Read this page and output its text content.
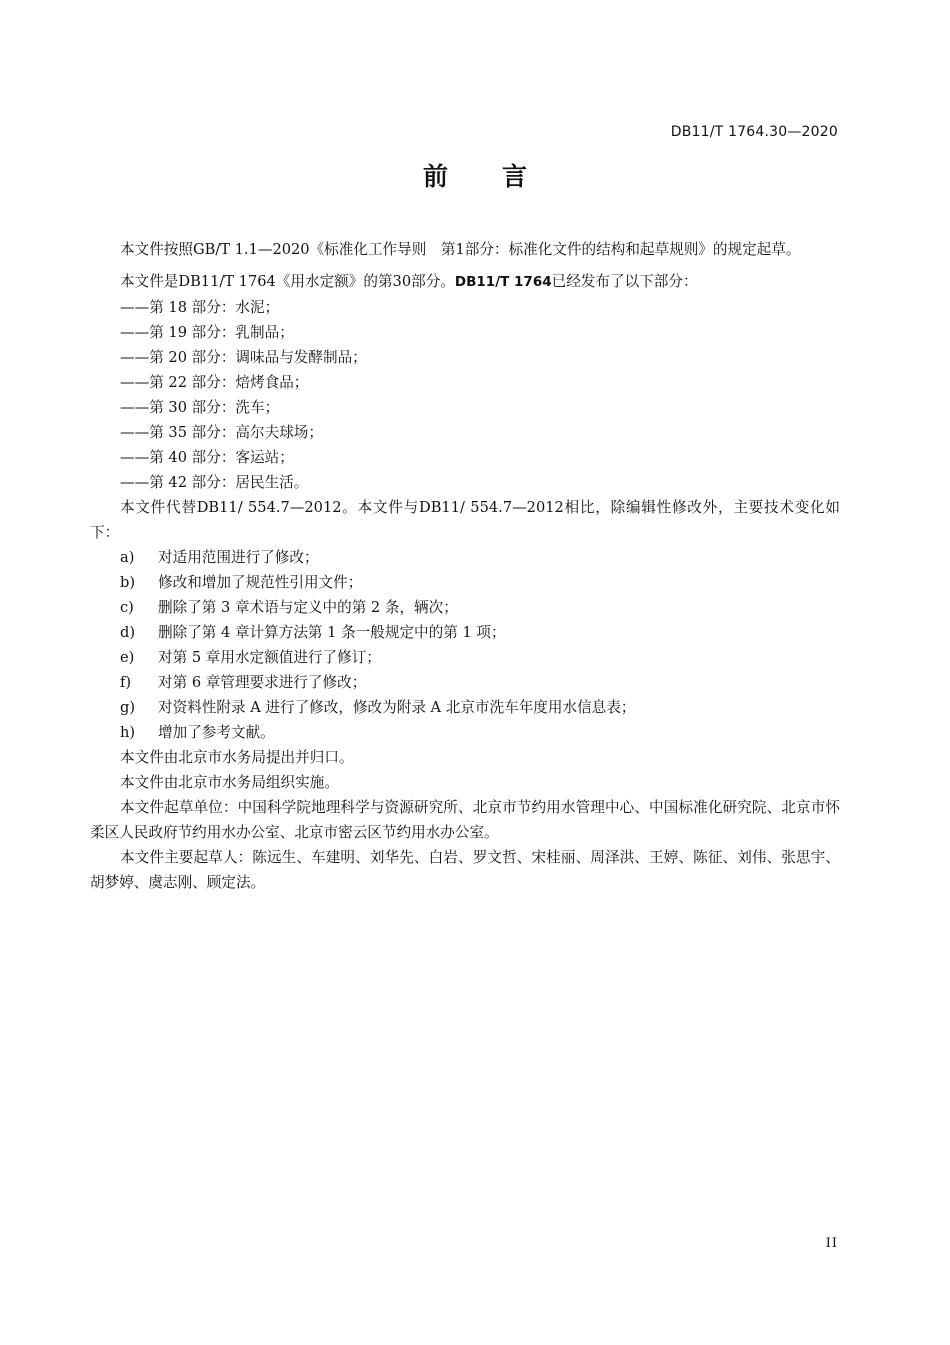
DB11/T 1764.30—2020
前 言

本文件按照GB/T 1.1—2020《标准化工作导则　第1部分：标准化文件的结构和起草规则》的规定起草。

本文件是DB11/T 1764《用水定额》的第30部分。DB11/T 1764已经发布了以下部分：

——第 18 部分：水泥；

——第 19 部分：乳制品；

——第 20 部分：调味品与发酵制品；

——第 22 部分：焙烤食品；

——第 30 部分：洗车；

——第 35 部分：高尔夫球场；

——第 40 部分：客运站；

——第 42 部分：居民生活。

本文件代替DB11/ 554.7—2012。本文件与DB11/ 554.7—2012相比，除编辑性修改外，主要技术变化如下：

a)	对适用范围进行了修改；
b)	修改和增加了规范性引用文件；
c)	删除了第 3 章术语与定义中的第 2 条，辆次；
d)	删除了第 4 章计算方法第 1 条一般规定中的第 1 项；
e)	对第 5 章用水定额值进行了修订；
f)	对第 6 章管理要求进行了修改；
g)	对资料性附录 A 进行了修改，修改为附录 A 北京市洗车年度用水信息表；
h)	增加了参考文献。

本文件由北京市水务局提出并归口。

本文件由北京市水务局组织实施。

本文件起草单位：中国科学院地理科学与资源研究所、北京市节约用水管理中心、中国标准化研究院、北京市怀柔区人民政府节约用水办公室、北京市密云区节约用水办公室。

本文件主要起草人：陈远生、车建明、刘华先、白岩、罗文哲、宋桂丽、周泽洪、王婷、陈征、刘伟、张思宇、胡梦婷、虞志刚、顾定法。

II
